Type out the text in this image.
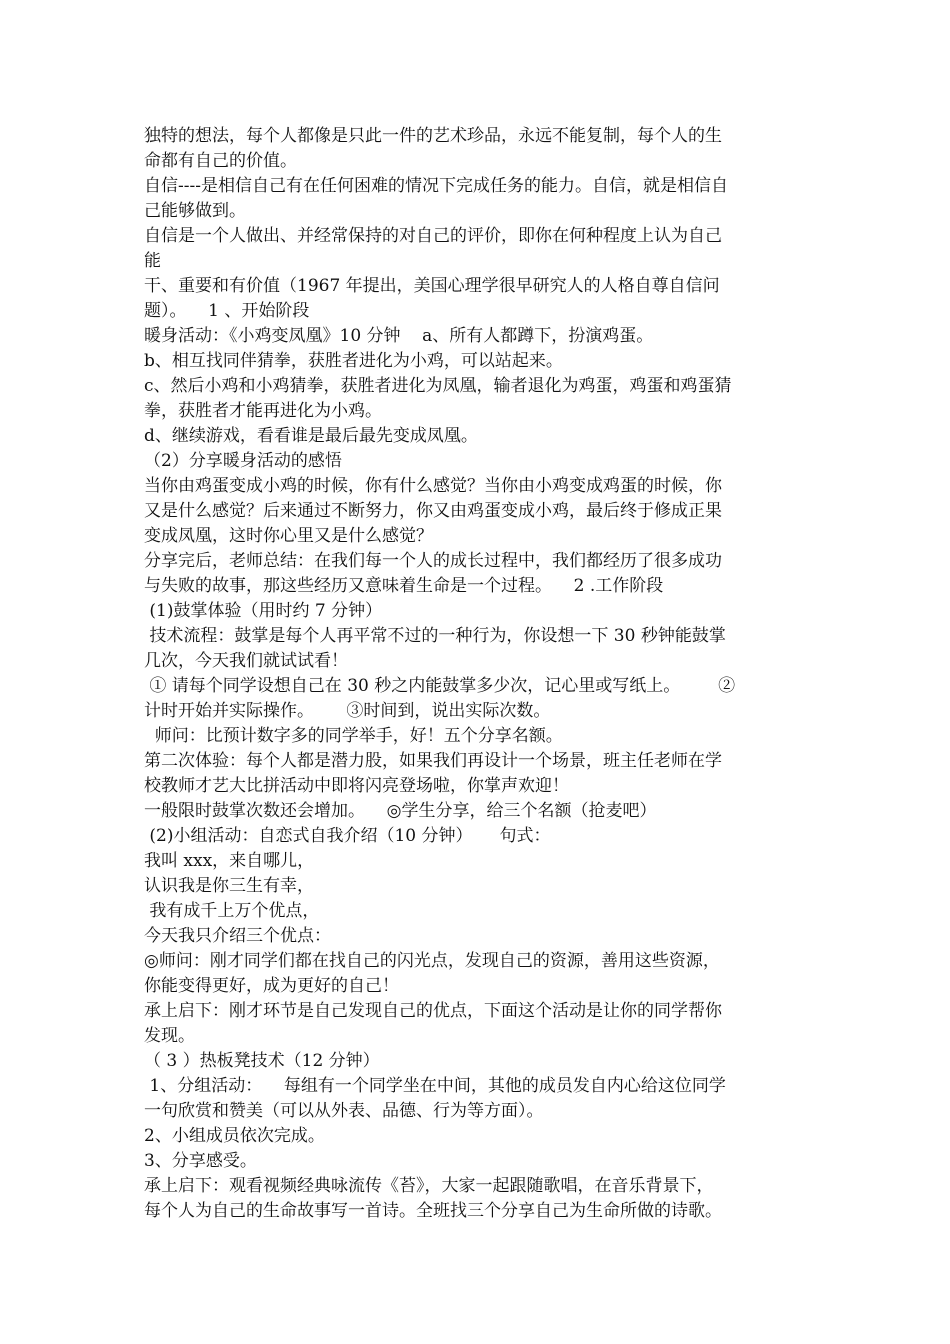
独特的想法，每个人都像是只此一件的艺术珍品，永远不能复制，每个人的生
命都有自己的价值。
自信----是相信自己有在任何困难的情况下完成任务的能力。自信，就是相信自
己能够做到。
自信是一个人做出、并经常保持的对自己的评价，即你在何种程度上认为自己
能
干、重要和有价值（1967 年提出，美国心理学很早研究人的人格自尊自信问
题）。    1 、开始阶段
暖身活动：《小鸡变凤凰》10 分钟    a、所有人都蹲下，扮演鸡蛋。
b、相互找同伴猜拳，获胜者进化为小鸡，可以站起来。
c、然后小鸡和小鸡猜拳，获胜者进化为凤凰，输者退化为鸡蛋，鸡蛋和鸡蛋猜
拳，获胜者才能再进化为小鸡。
d、继续游戏，看看谁是最后最先变成凤凰。
（2）分享暖身活动的感悟
当你由鸡蛋变成小鸡的时候，你有什么感觉？当你由小鸡变成鸡蛋的时候，你
又是什么感觉？后来通过不断努力，你又由鸡蛋变成小鸡，最后终于修成正果
变成凤凰，这时你心里又是什么感觉？
分享完后，老师总结：在我们每一个人的成长过程中，我们都经历了很多成功
与失败的故事，那这些经历又意味着生命是一个过程。    2 .工作阶段
(1)鼓掌体验（用时约 7 分钟）
技术流程：鼓掌是每个人再平常不过的一种行为，你设想一下 30 秒钟能鼓掌
几次，今天我们就试试看！
① 请每个同学设想自己在 30 秒之内能鼓掌多少次，记心里或写纸上。       ②
计时开始并实际操作。      ③时间到，说出实际次数。
师问：比预计数字多的同学举手，好！五个分享名额。
第二次体验：每个人都是潜力股，如果我们再设计一个场景，班主任老师在学
校教师才艺大比拼活动中即将闪亮登场啦，你掌声欢迎！
一般限时鼓掌次数还会增加。    ◎学生分享，给三个名额（抢麦吧）
(2)小组活动：自恋式自我介绍（10 分钟）     句式：
我叫 xxx，来自哪儿，
认识我是你三生有幸，
我有成千上万个优点，
今天我只介绍三个优点：
◎师问：刚才同学们都在找自己的闪光点，发现自己的资源，善用这些资源，
你能变得更好，成为更好的自己！
承上启下：刚才环节是自己发现自己的优点，下面这个活动是让你的同学帮你
发现。
（ 3 ）热板凳技术（12 分钟）
1、分组活动：    每组有一个同学坐在中间，其他的成员发自内心给这位同学
一句欣赏和赞美（可以从外表、品德、行为等方面）。
2、小组成员依次完成。
3、分享感受。
承上启下：观看视频经典咏流传《苔》，大家一起跟随歌唱，在音乐背景下，
每个人为自己的生命故事写一首诗。全班找三个分享自己为生命所做的诗歌。
